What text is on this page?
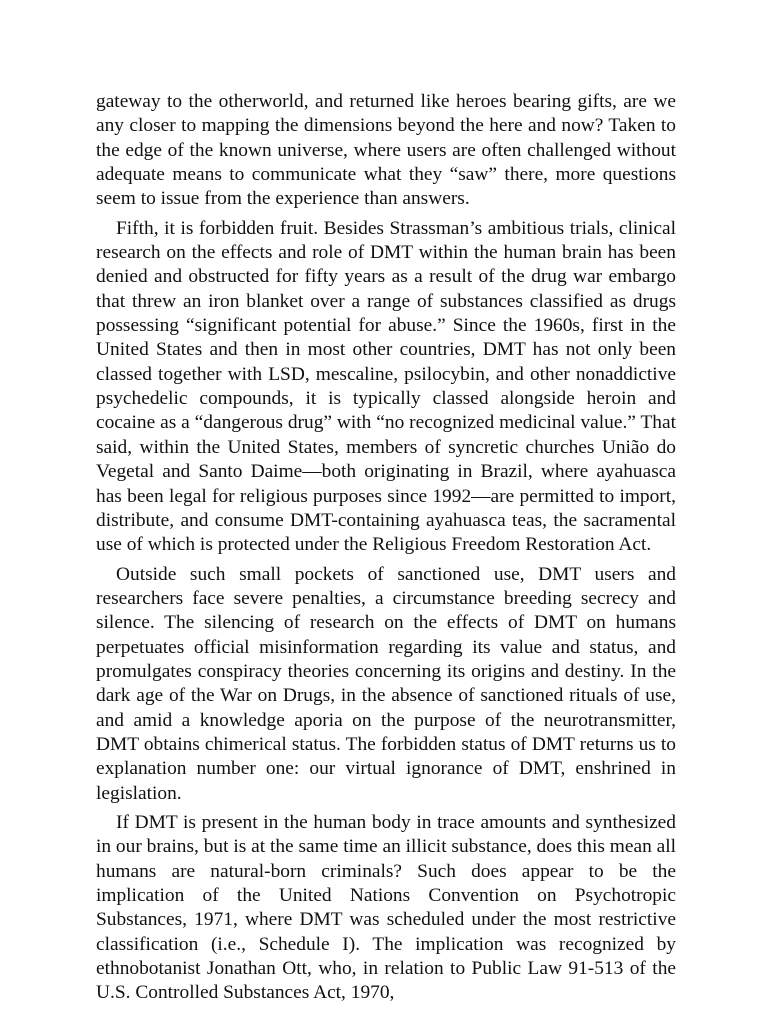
gateway to the otherworld, and returned like heroes bearing gifts, are we any closer to mapping the dimensions beyond the here and now? Taken to the edge of the known universe, where users are often challenged without adequate means to communicate what they “saw” there, more questions seem to issue from the experience than answers.

Fifth, it is forbidden fruit. Besides Strassman’s ambitious trials, clinical research on the effects and role of DMT within the human brain has been denied and obstructed for fifty years as a result of the drug war embargo that threw an iron blanket over a range of substances classified as drugs possessing “significant potential for abuse.” Since the 1960s, first in the United States and then in most other countries, DMT has not only been classed together with LSD, mescaline, psilocybin, and other nonaddictive psychedelic compounds, it is typically classed alongside heroin and cocaine as a “dangerous drug” with “no recognized medicinal value.” That said, within the United States, members of syncretic churches União do Vegetal and Santo Daime—both originating in Brazil, where ayahuasca has been legal for religious purposes since 1992—are permitted to import, distribute, and consume DMT-containing ayahuasca teas, the sacramental use of which is protected under the Religious Freedom Restoration Act.

Outside such small pockets of sanctioned use, DMT users and researchers face severe penalties, a circumstance breeding secrecy and silence. The silencing of research on the effects of DMT on humans perpetuates official misinformation regarding its value and status, and promulgates conspiracy theories concerning its origins and destiny. In the dark age of the War on Drugs, in the absence of sanctioned rituals of use, and amid a knowledge aporia on the purpose of the neurotransmitter, DMT obtains chimerical status. The forbidden status of DMT returns us to explanation number one: our virtual ignorance of DMT, enshrined in legislation.

If DMT is present in the human body in trace amounts and synthesized in our brains, but is at the same time an illicit substance, does this mean all humans are natural-born criminals? Such does appear to be the implication of the United Nations Convention on Psychotropic Substances, 1971, where DMT was scheduled under the most restrictive classification (i.e., Schedule I). The implication was recognized by ethnobotanist Jonathan Ott, who, in relation to Public Law 91-513 of the U.S. Controlled Substances Act, 1970,
